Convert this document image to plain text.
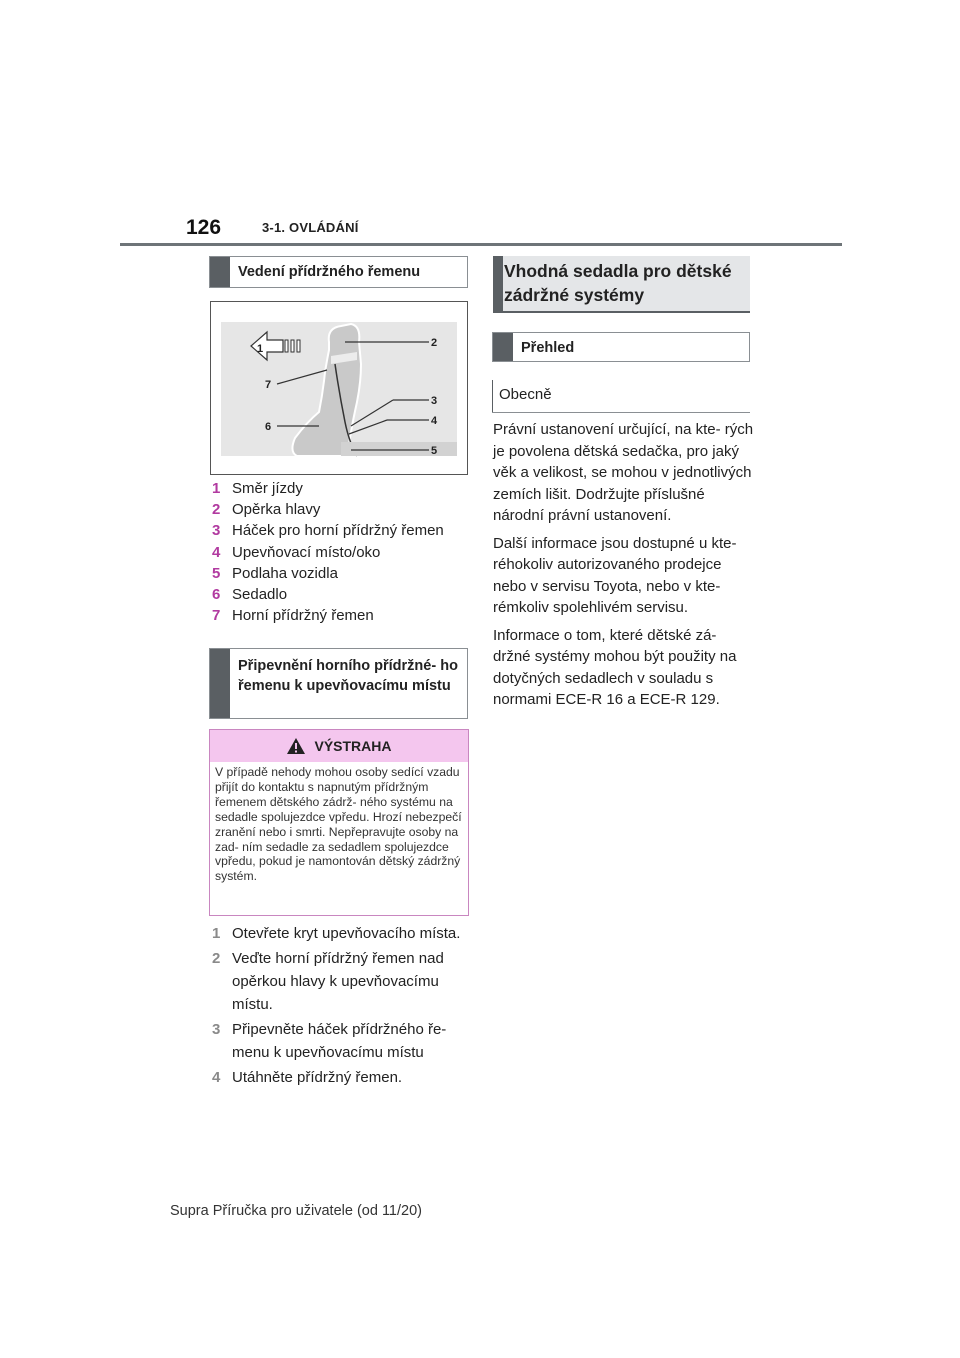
126	3-1. OVLÁDÁNÍ
Vedení přídržného řemenu
1	2
3
4
5
6
7
1 Směr jízdy
2 Opěrka hlavy
3 Háček pro horní přídržný řemen
4 Upevňovací místo/oko
5 Podlaha vozidla
6 Sedadlo
7 Horní přídržný řemen
Připevnění horního přídržné- ho řemenu k upevňovacímu místu
VÝSTRAHA
V případě nehody mohou osoby sedící vzadu přijít do kontaktu s napnutým přídržným řemenem dětského zádrž- ného systému na sedadle spolujezdce vpředu. Hrozí nebezpečí zranění nebo i smrti. Nepřepravujte osoby na zad- ním sedadle za sedadlem spolujezdce vpředu, pokud je namontován dětský zádržný systém.
1 Otevřete kryt upevňovacího místa.
2 Veďte horní přídržný řemen nad opěrkou hlavy k upevňovacímu místu.
3 Připevněte háček přídržného ře- menu k upevňovacímu místu
4 Utáhněte přídržný řemen.
Vhodná sedadla pro dětské zádržné systémy
Přehled
Obecně

Právní ustanovení určující, na kte- rých je povolena dětská sedačka, pro jaký věk a velikost, se mohou v jednotlivých zemích lišit. Dodržujte příslušné národní právní ustanovení.

Další informace jsou dostupné u kte- réhokoliv autorizovaného prodejce nebo v servisu Toyota, nebo v kte- rémkoliv spolehlivém servisu.

Informace o tom, které dětské zá- držné systémy mohou být použity na dotyčných sedadlech v souladu s normami ECE-R 16 a ECE-R 129.

Supra Příručka pro uživatele (od 11/20)
